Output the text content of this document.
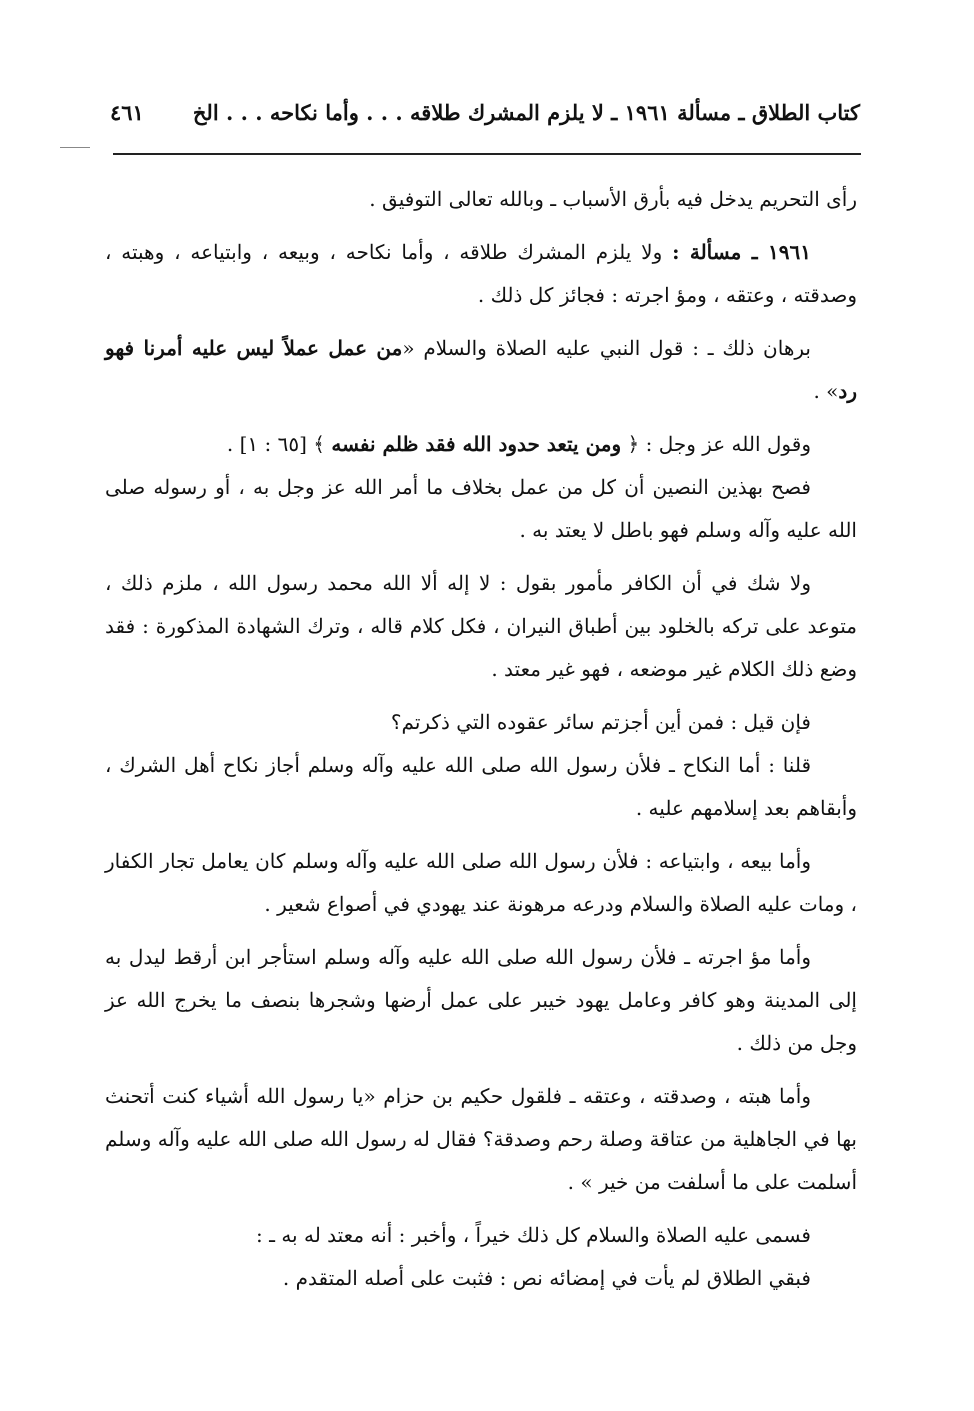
كتاب الطلاق ـ مسألة ١٩٦١ ـ لا يلزم المشرك طلاقه . . . وأما نكاحه . . . الخ
٤٦١

رأى التحريم يدخل فيه بأرق الأسباب ـ وبالله تعالى التوفيق .

١٩٦١ ـ مسألة : ولا يلزم المشرك طلاقه ، وأما نكاحه ، وبيعه ، وابتياعه ، وهبته ، وصدقته ، وعتقه ، ومؤ اجرته : فجائز كل ذلك .

برهان ذلك ـ : قول النبي عليه الصلاة والسلام «من عمل عملاً ليس عليه أمرنا فهو رد» .

وقول الله عز وجل : ﴿ ومن يتعد حدود الله فقد ظلم نفسه ﴾ [٦٥ : ١] .

فصح بهذين النصين أن كل من عمل بخلاف ما أمر الله عز وجل به ، أو رسوله صلى الله عليه وآله وسلم فهو باطل لا يعتد به .

ولا شك في أن الكافر مأمور بقول : لا إله ألا الله محمد رسول الله ، ملزم ذلك ، متوعد على تركه بالخلود بين أطباق النيران ، فكل كلام قاله ، وترك الشهادة المذكورة : فقد وضع ذلك الكلام غير موضعه ، فهو غير معتد .

فإن قيل : فمن أين أجزتم سائر عقوده التي ذكرتم؟

قلنا : أما النكاح ـ فلأن رسول الله صلى الله عليه وآله وسلم أجاز نكاح أهل الشرك ، وأبقاهم بعد إسلامهم عليه .

وأما بيعه ، وابتياعه : فلأن رسول الله صلى الله عليه وآله وسلم كان يعامل تجار الكفار ، ومات عليه الصلاة والسلام ودرعه مرهونة عند يهودي في أصواع شعير .

وأما مؤ اجرته ـ فلأن رسول الله صلى الله عليه وآله وسلم استأجر ابن أرقط ليدل به إلى المدينة وهو كافر وعامل يهود خيبر على عمل أرضها وشجرها بنصف ما يخرج الله عز وجل من ذلك .

وأما هبته ، وصدقته ، وعتقه ـ فلقول حكيم بن حزام «يا رسول الله أشياء كنت أتحنث بها في الجاهلية من عتاقة وصلة رحم وصدقة؟ فقال له رسول الله صلى الله عليه وآله وسلم أسلمت على ما أسلفت من خير » .

فسمى عليه الصلاة والسلام كل ذلك خيراً ، وأخبر : أنه معتد له به ـ :

فبقي الطلاق لم يأت في إمضائه نص : فثبت على أصله المتقدم .
